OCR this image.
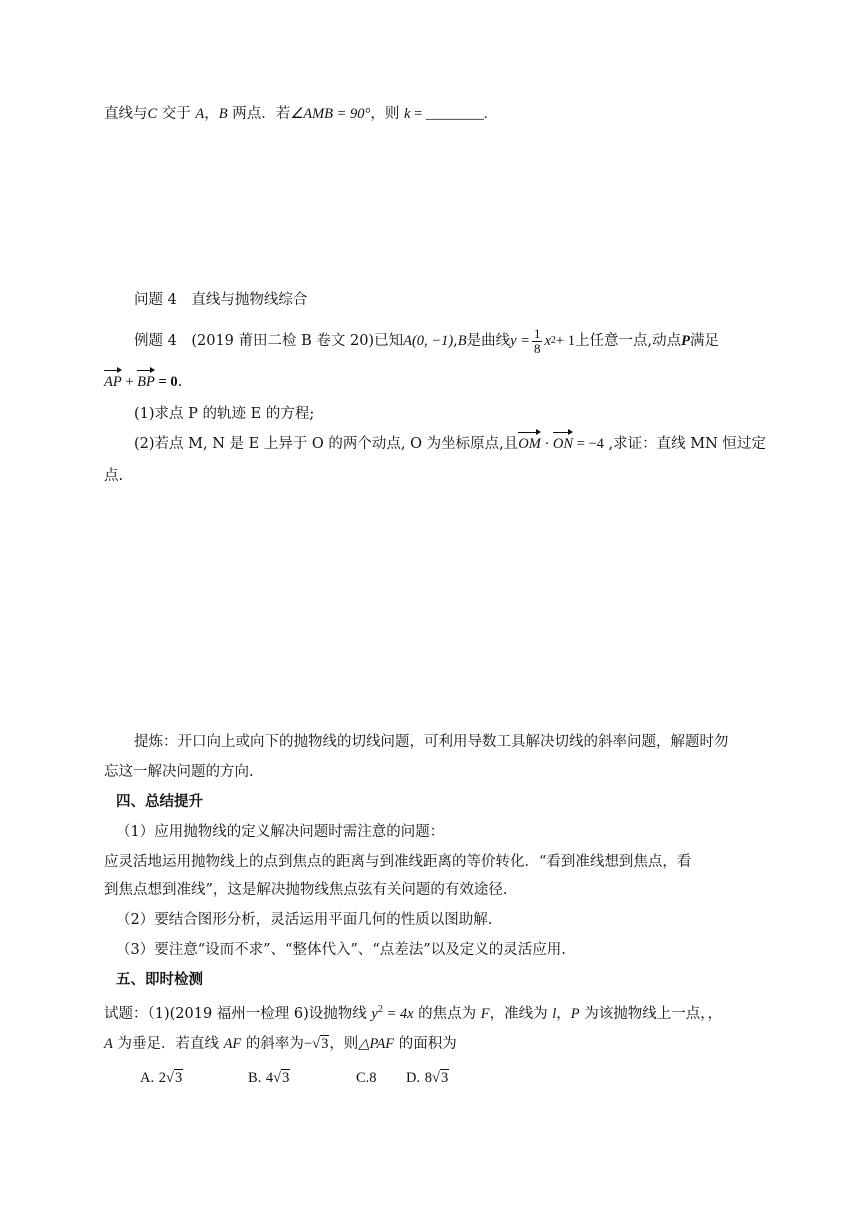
直线与C 交于 A，B 两点．若∠AMB = 90°，则 k = ________.
问题 4　直线与抛物线综合
例题 4　(2019 莆田二检 B 卷文 20)已知 A(0, −1) , B 是曲线 $y = \frac{1}{8}$ x 2 + 1 上任意一点,动点 P 满足
AP + BP = 0.
(1)求点 P 的轨迹 E 的方程;
(2)若点 M, N 是 E 上异于 O 的两个动点, O 为坐标原点,且OM · ON = −4 ,求证：直线 MN 恒过定
点.
提炼：开口向上或向下的抛物线的切线问题，可利用导数工具解决切线的斜率问题，解题时勿
忘这一解决问题的方向.
四、总结提升
（1）应用抛物线的定义解决问题时需注意的问题：
应灵活地运用抛物线上的点到焦点的距离与到准线距离的等价转化．“看到准线想到焦点，看
到焦点想到准线”，这是解决抛物线焦点弦有关问题的有效途径.
（2）要结合图形分析，灵活运用平面几何的性质以图助解.
（3）要注意“设而不求”、“整体代入”、“点差法”以及定义的灵活应用.
五、即时检测
试题：（1)(2019 福州一检理 6)设抛物线 $y^2 = 4x$ 的焦点为 F，准线为 l，P 为该抛物线上一点，，
A 为垂足．若直线 AF 的斜率为−√3，则△PAF 的面积为
A. 2√3	B. 4√3	C.8 D. 8√3
